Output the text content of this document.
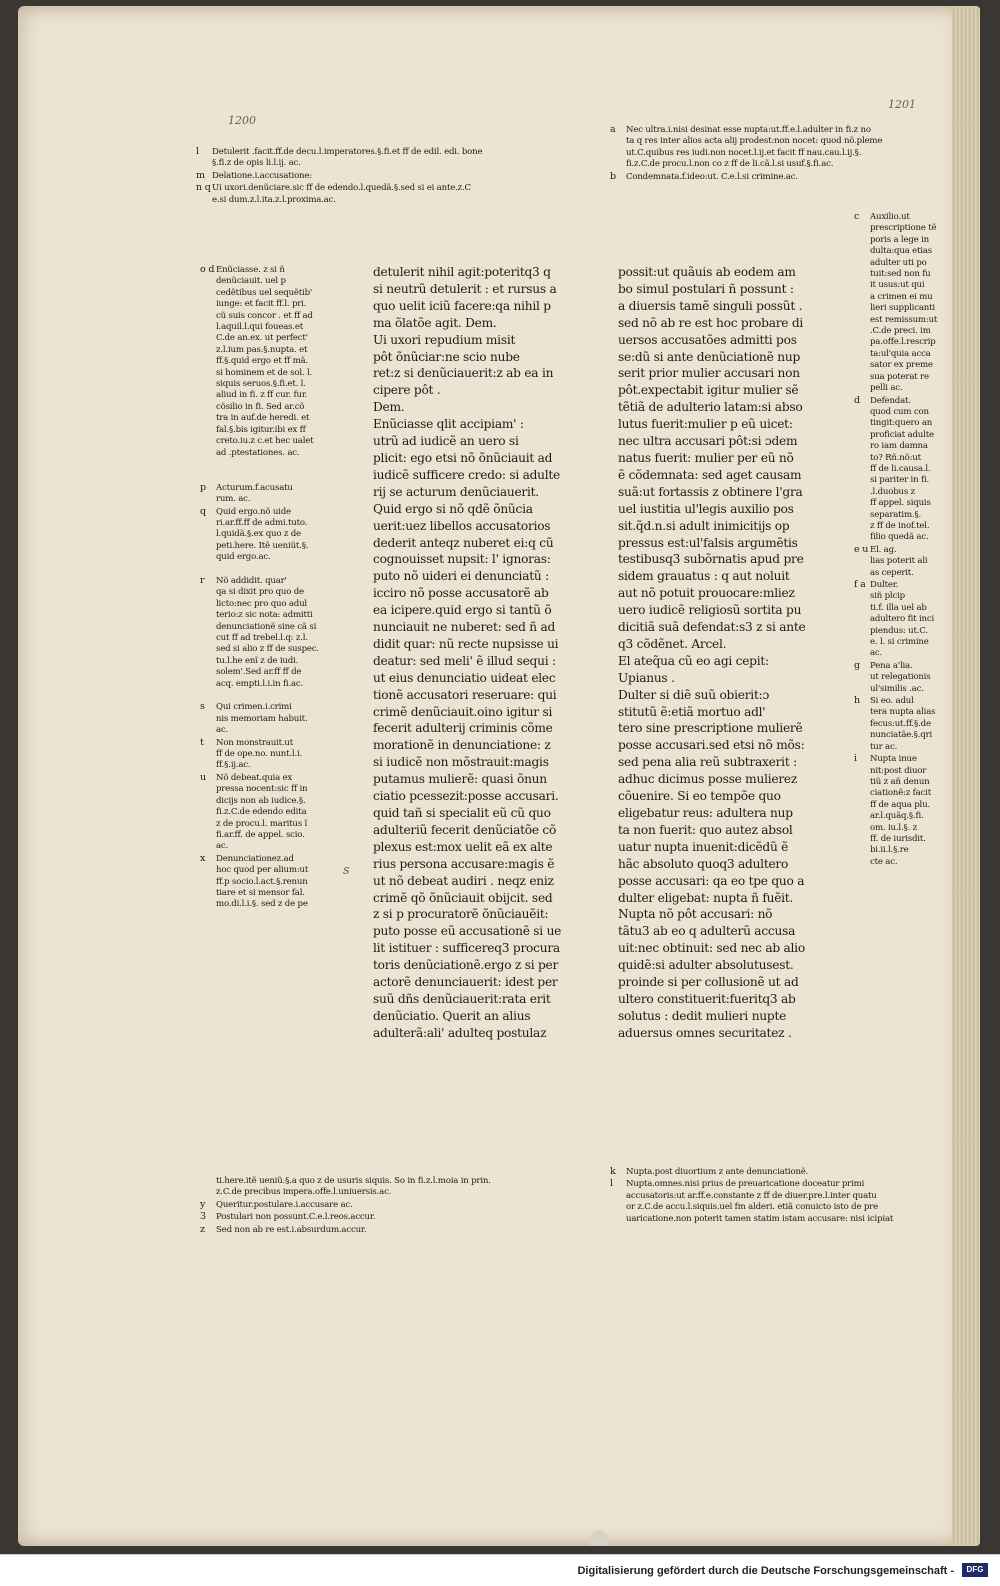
1200
1201
s
l Detulerit .facit.ff.de decu.l.imperatores.§.fi.et ff de edil. edi. bone
§.fi.z de opis li.l.ij. ac.
m Delatione.i.accusatione:
n qUi uxori.denũciare.sic ff de edendo.l.quedã.§.sed si ei ante.z.C
e.si dum.z.l.ita.z.l.proxima.ac.
a Nec ultra.i.nisi desinat esse nupta:ut.ff.e.l.adulter in fi.z no
ta q res inter alios acta alij prodest:non nocet: quod nõ.pleme
ut.C.quibus res iudi.non nocet.l.ij.et facit ff nau.cau.l.ij.§.
fi.z.C.de procu.l.non co z ff de li.cã.l.si usuf.§.fi.ac.
b Condemnata.f.ideo:ut. C.e.l.si crimine.ac.
o d Enũciasse. z si ñ
denũciauit. uel p
cedẽtibus uel sequẽtib'
iunge: et facit ff.l. pri.
cũ suis concor . et ff ad
l.aquil.l.qui foueas.et
C.de an.ex. ut perfect'
z.l.ium pas.§.nupta. et
ff.§.quid ergo et ff mã.
si hominem et de sol. l.
siquis seruos.§.fi.et. l.
aliud in fi. z ff cur. fur.
cõsilio in fi. Sed ar.cõ
tra in auf.de heredi. et
fal.§.bis igitur.ibi ex ff
creto.iu.z c.et hec ualet
ad .ptestationes. ac.

p Acturum.f.acusatu
rum. ac.
q Quid ergo.nõ uide
ri.ar.ff.ff de admi.tuto.
l.quidã.§.ex quo z de
peti.here. Itẽ ueniũt.§.
quid ergo.ac.

r Nõ addidit. quar'
qa si dixit pro quo de
licto:nec pro quo adul
terio:z sic nota: admitti
denunciationẽ sine cã si
cut ff ad trebel.l.q: z.l.
sed si alio z ff de suspec.
tu.l.he enĩ z de iudi.
solem'.Sed ar.ff ff de
acq. empti.l.i.in fi.ac.

s Qui crimen.i.crimi
nis memoriam habuit.
ac.
t Non monstrauit.ut
ff de ope.no. nunt.l.i.
ff.§.ij.ac.
u Nõ debeat.quia ex
pressa nocent:sic ff in
dicijs non ab iudice.§.
fi.z.C.de edendo edita
z de procu.l. maritus ĩ
fi.ar.ff. de appel. scio.
ac.
x Denunciationez.ad
hoc quod per alium:ut
ff.p socio.l.act.§.renun
tiare et si mensor fal.
mo.di.l.i.§. sed z de pe
detulerit nihil agit:poteritq3 q
si neutrũ detulerit : et rursus a
quo uelit iciũ facere:qa nihil p
ma õlatõe agit. Dem.
Ui uxori repudium misit
pôt õnũciar:ne scio nube
ret:z si denũciauerit:z ab ea in
cipere pôt .
Dem.
Enũciasse qlit accipiam' :
utrũ ad iudicẽ an uero si
plicit: ego etsi nõ õnũciauit ad
iudicẽ sufficere credo: si adulte
rij se acturum denũciauerit.
Quid ergo si nõ qdẽ õnũcia
uerit:uez libellos accusatorios
dederit anteqz nuberet ei:q cũ
cognouisset nupsit: l' ignoras:
puto nõ uideri ei denunciatũ :
icciro nõ posse accusatorẽ ab
ea icipere.quid ergo si tantũ õ
nunciauit ne nuberet: sed ñ ad
didit quar: nũ recte nupsisse ui
deatur: sed meli' ẽ illud sequi :
ut eius denunciatio uideat elec
tionẽ accusatori reseruare: qui
crimẽ denũciauit.oino igitur si
fecerit adulterij criminis cõme
morationẽ in denunciatione: z
si iudicẽ non mõstrauit:magis
putamus mulierẽ: quasi õnun
ciatio pcessezit:posse accusari.
quid tañ si specialit eũ cũ quo
adulteriũ fecerit denũciatõe cõ
plexus est:mox uelit eã ex alte
rius persona accusare:magis ẽ
ut nõ debeat audiri . neqz eniz
crimẽ qõ õnũciauit obijcit. sed
z si p procuratorẽ õnũciauẽit:
puto posse eũ accusationẽ si ue
lit istituer : sufficereq3 procura
toris denũciationẽ.ergo z si per
actorẽ denunciauerit: idest per
suũ dñs denũciauerit:rata erit
denũciatio. Querit an alius
adulterã:ali' adulteq postulaz
possit:ut quãuis ab eodem am
bo simul postulari ñ possunt :
a diuersis tamẽ singuli possũt .
sed nõ ab re est hoc probare di
uersos accusatões admitti pos
se:dũ si ante denũciationẽ nup
serit prior mulier accusari non
pôt.expectabit igitur mulier sẽ
tẽtiã de adulterio latam:si abso
lutus fuerit:mulier p eũ uicet:
nec ultra accusari pôt:si ɔdem
natus fuerit: mulier per eũ nõ
ẽ cõdemnata: sed aget causam
suã:ut fortassis z obtinere l'gra
uel iustitia ul'legis auxilio pos
sit.q̃d.n.si adult inimicitijs op
pressus est:ul'falsis argumẽtis
testibusq3 subõrnatis apud pre
sidem grauatus : q aut noluit
aut nõ potuit prouocare:mliez
uero iudicẽ religiosũ sortita pu
dicitiã suã defendat:s3 z si ante
q3 cõdẽnet. Arcel.
El ateq̃ua cũ eo agi cepit:
Upianus .
Dulter si diẽ suũ obierit:ɔ
stitutũ ẽ:etiã mortuo adl'
tero sine prescriptione mulierẽ
posse accusari.sed etsi nõ mõs:
sed pena alia reũ subtraxerit :
adhuc dicimus posse mulierez
cõuenire. Si eo tempõe quo
eligebatur reus: adultera nup
ta non fuerit: quo autez absol
uatur nupta inuenit:dicẽdũ ẽ
hãc absoluto quoq3 adultero
posse accusari: qa eo tpe quo a
dulter eligebat: nupta ñ fuẽit.
Nupta nõ pôt accusari: nõ
tãtu3 ab eo q adulterũ accusa
uit:nec obtinuit: sed nec ab alio
quidẽ:si adulter absolutusest.
proinde si per collusionẽ ut ad
ultero constituerit:fueritq3 ab
solutus : dedit mulieri nupte
aduersus omnes securitatez .
c Auxilio.ut
prescriptione tẽ
poris a lege in
dulta:qua etias
adulter uti po
tuit:sed non fu
it usus:ut qui
a crimen ei mu
lieri supplicanti
est remissum:ut
.C.de preci. im
pa.offe.l.rescrip
ta:ul'quia acca
sator ex preme
sua poterat re
pelli ac.
d Defendat.
quod cum con
tingit:quero an
proficiat adulte
ro iam damna
to? Rñ.nõ:ut
ff de li.causa.l.
si pariter in fi.
.l.duobus z
ff appel. siquis
separatim.§.
z ff de inof.tel.
filio quedã ac.
e u El. ag.
lias poterit ali
as ceperit.
f a Dulter.
siñ plcip
ti.f. illa uel ab
adultero fit inci
piendus: ut.C.
e. l. si crimine
ac.
g Pena a'lia.
ut relegationis
ul'similis .ac.
h Si eo. adul
tera nupta alias
fecus:ut.ff.§.de
nunciatãe.§.qri
tur ac.
i Nupta inue
nit:post diuor
tiũ z añ denun
ciationẽ:z facit
ff de aqua plu.
ar.l.quãq.§.fi.
om. iu.l.§. z
ff. de iurisdit.
bi.ii.l.§.re
cte ac.
ti.here.itẽ ueniũ.§.a quo z de usuris siquis. So in fi.z.l.moia in prin.
z.C.de precibus impera.offe.l.uniuersis.ac.
y Queritur.postulare.i.accusare ac.
3 Postulari non possunt.C.e.l.reos.accur.
z Sed non ab re est.i.absurdum.accur.
k Nupta.post diuortium z ante denunciationẽ.
l Nupta.omnes.nisi prius de preuaricatione doceatur primi
accusatoris:ut ar.ff.e.constante z ff de diuer.pre.l.inter quatu
or z.C.de accu.l.siquis.uel fm alderi. etiã conuicto isto de pre
uaricatione.non poterit tamen statim istam accusare: nisi icipiat
Digitalisierung gefördert durch die Deutsche Forschungsgemeinschaft -	DFG
